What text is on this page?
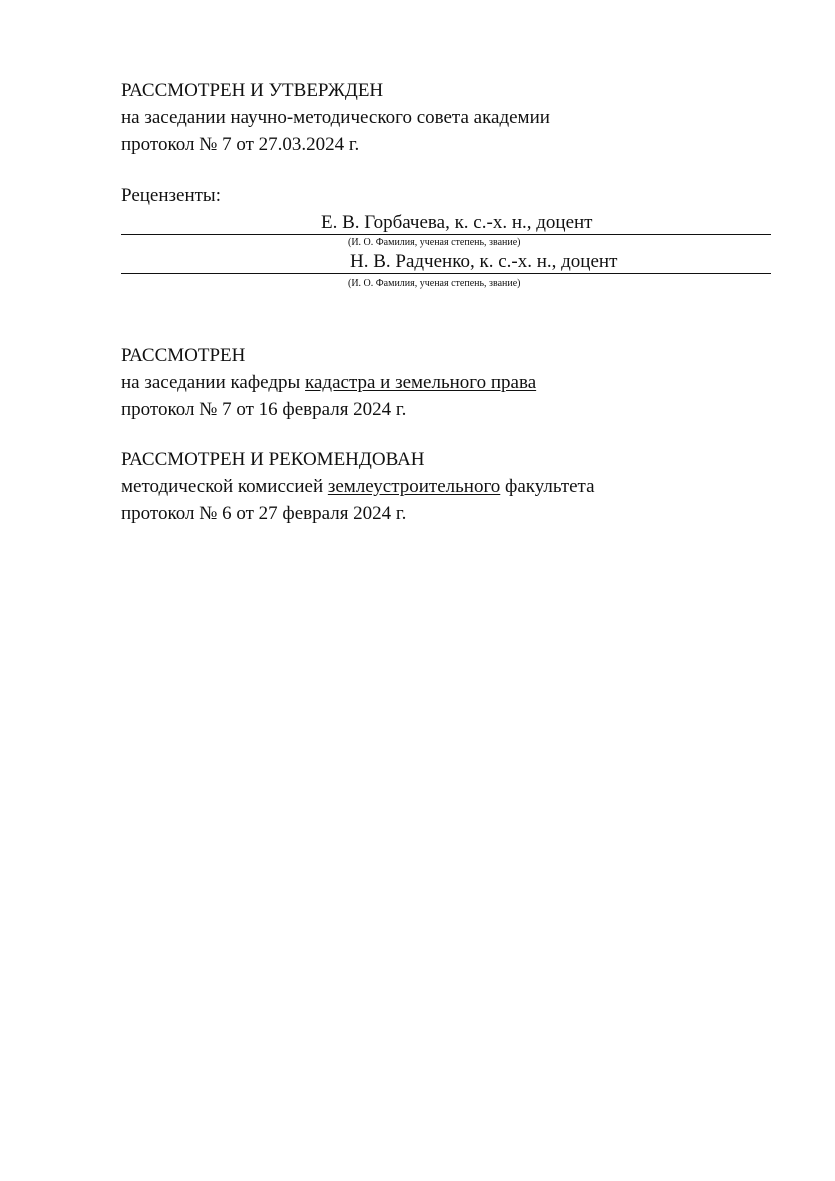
РАССМОТРЕН И УТВЕРЖДЕН
на заседании научно-методического совета академии
протокол № 7 от 27.03.2024 г.
Рецензенты:
Е. В. Горбачева, к. с.-х. н., доцент
(И. О. Фамилия, ученая степень, звание)
Н. В. Радченко, к. с.-х. н., доцент
(И. О. Фамилия, ученая степень, звание)
РАССМОТРЕН
на заседании кафедры кадастра и земельного права
протокол № 7 от 16 февраля 2024 г.
РАССМОТРЕН И РЕКОМЕНДОВАН
методической комиссией землеустроительного факультета
протокол № 6 от 27 февраля 2024 г.
